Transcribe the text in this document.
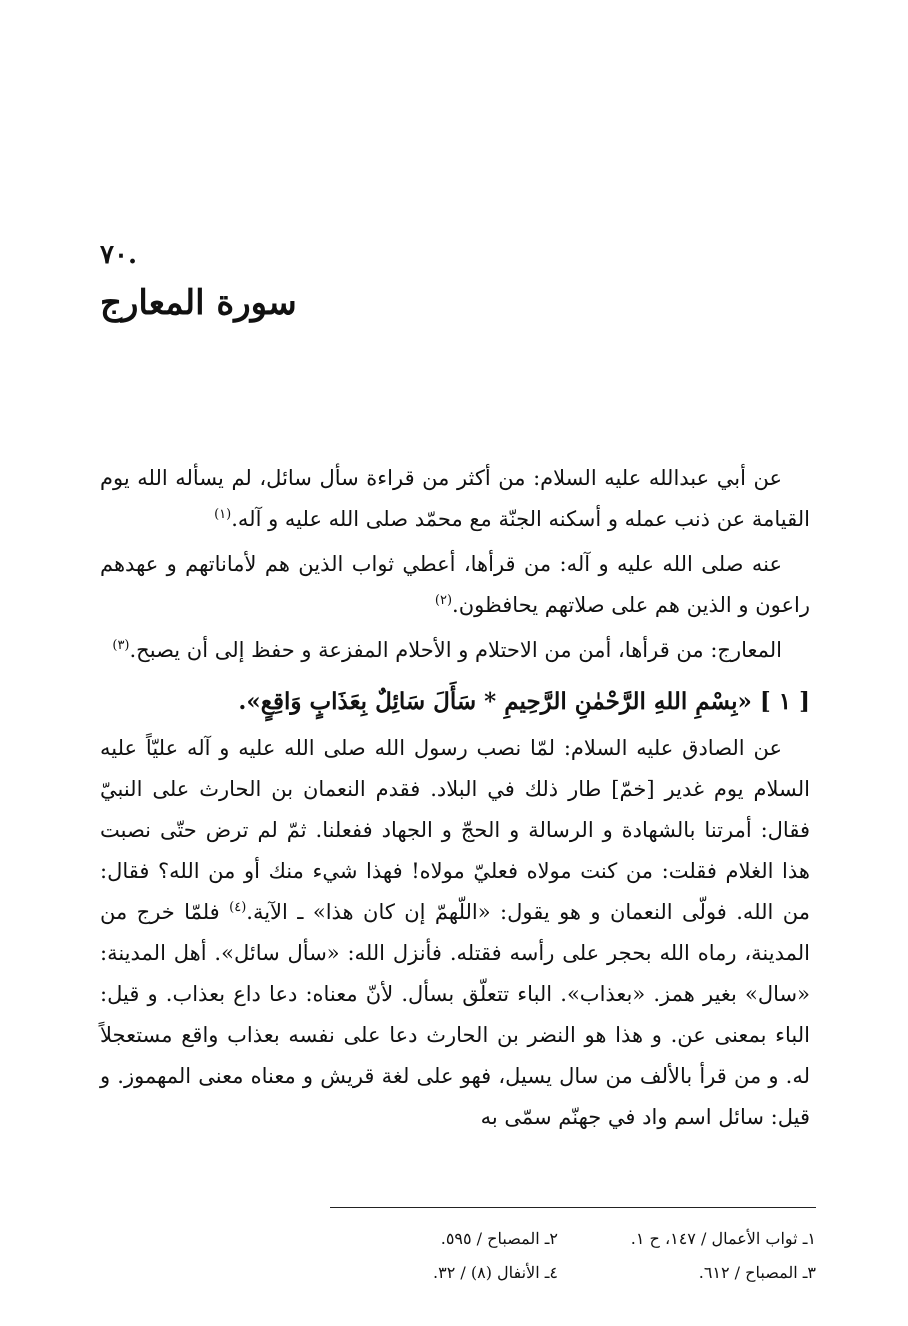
.٧٠
سورة المعارج

عن أبي عبدالله عليه السلام: من أكثر من قراءة سأل سائل، لم يسأله الله يوم القيامة عن ذنب عمله و أسكنه الجنّة مع محمّد صلى الله عليه و آله.$^{(١)}$

عنه صلى الله عليه و آله: من قرأها، أعطي ثواب الذين هم لأماناتهم و عهدهم راعون و الذين هم على صلاتهم يحافظون.$^{(٢)}$

المعارج: من قرأها، أمن من الاحتلام و الأحلام المفزعة و حفظ إلى أن يصبح.$^{(٣)}$

[ ١ ] «بِسْمِ اللهِ الرَّحْمٰنِ الرَّحِيمِ * سَأَلَ سَائِلٌ بِعَذَابٍ وَاقِعٍ».

عن الصادق عليه السلام: لمّا نصب رسول الله صلى الله عليه و آله عليّاً عليه السلام يوم غدير [خمّ] طار ذلك في البلاد. فقدم النعمان بن الحارث على النبيّ فقال: أمرتنا بالشهادة و الرسالة و الحجّ و الجهاد ففعلنا. ثمّ لم ترض حتّى نصبت هذا الغلام فقلت: من كنت مولاه فعليّ مولاه! فهذا شيء منك أو من الله؟ فقال: من الله. فولّى النعمان و هو يقول: «اللّهمّ إن كان هذا» ـ الآية.$^{(٤)}$ فلمّا خرج من المدينة، رماه الله بحجر على رأسه فقتله. فأنزل الله: «سأل سائل». أهل المدينة: «سال» بغير همز. «بعذاب». الباء تتعلّق بسأل. لأنّ معناه: دعا داع بعذاب. و قيل: الباء بمعنى عن. و هذا هو النضر بن الحارث دعا على نفسه بعذاب واقع مستعجلاً له. و من قرأ بالألف من سال يسيل، فهو على لغة قريش و معناه معنى المهموز. و قيل: سائل اسم واد في جهنّم سمّى به

١ـ ثواب الأعمال / ١٤٧، ح ١.
٢ـ المصباح / ٥٩٥.
٣ـ المصباح / ٦١٢.
٤ـ الأنفال (٨) / ٣٢.
